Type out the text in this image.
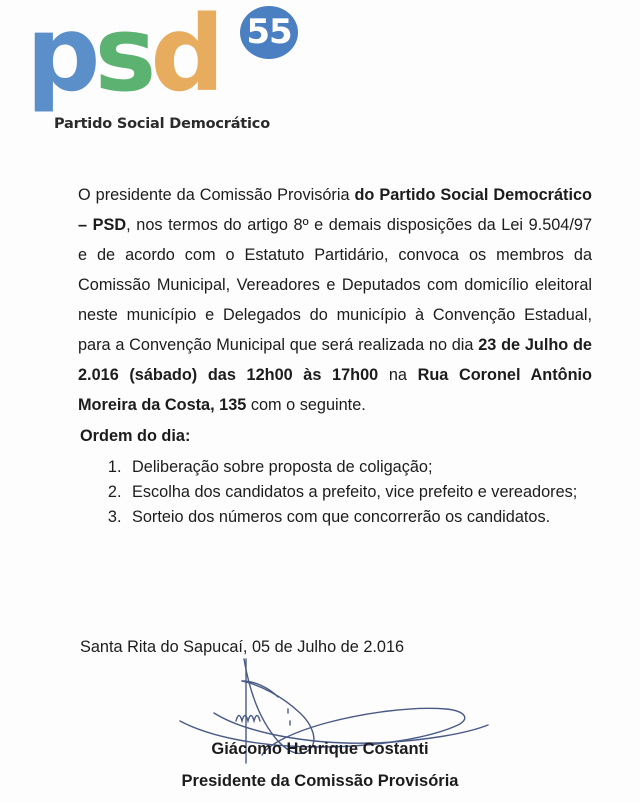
psd 55
Partido Social Democrático
O presidente da Comissão Provisória do Partido Social Democrático – PSD, nos termos do artigo 8º e demais disposições da Lei 9.504/97 e de acordo com o Estatuto Partidário, convoca os membros da Comissão Municipal, Vereadores e Deputados com domicílio eleitoral neste município e Delegados do município à Convenção Estadual, para a Convenção Municipal que será realizada no dia 23 de Julho de 2.016 (sábado) das 12h00 às 17h00 na Rua Coronel Antônio Moreira da Costa, 135 com o seguinte.
Ordem do dia:
1. Deliberação sobre proposta de coligação;
2. Escolha dos candidatos a prefeito, vice prefeito e vereadores;
3. Sorteio dos números com que concorrerão os candidatos.
Santa Rita do Sapucaí, 05 de Julho de 2.016
Giácomo Henrique Costanti
Presidente da Comissão Provisória
